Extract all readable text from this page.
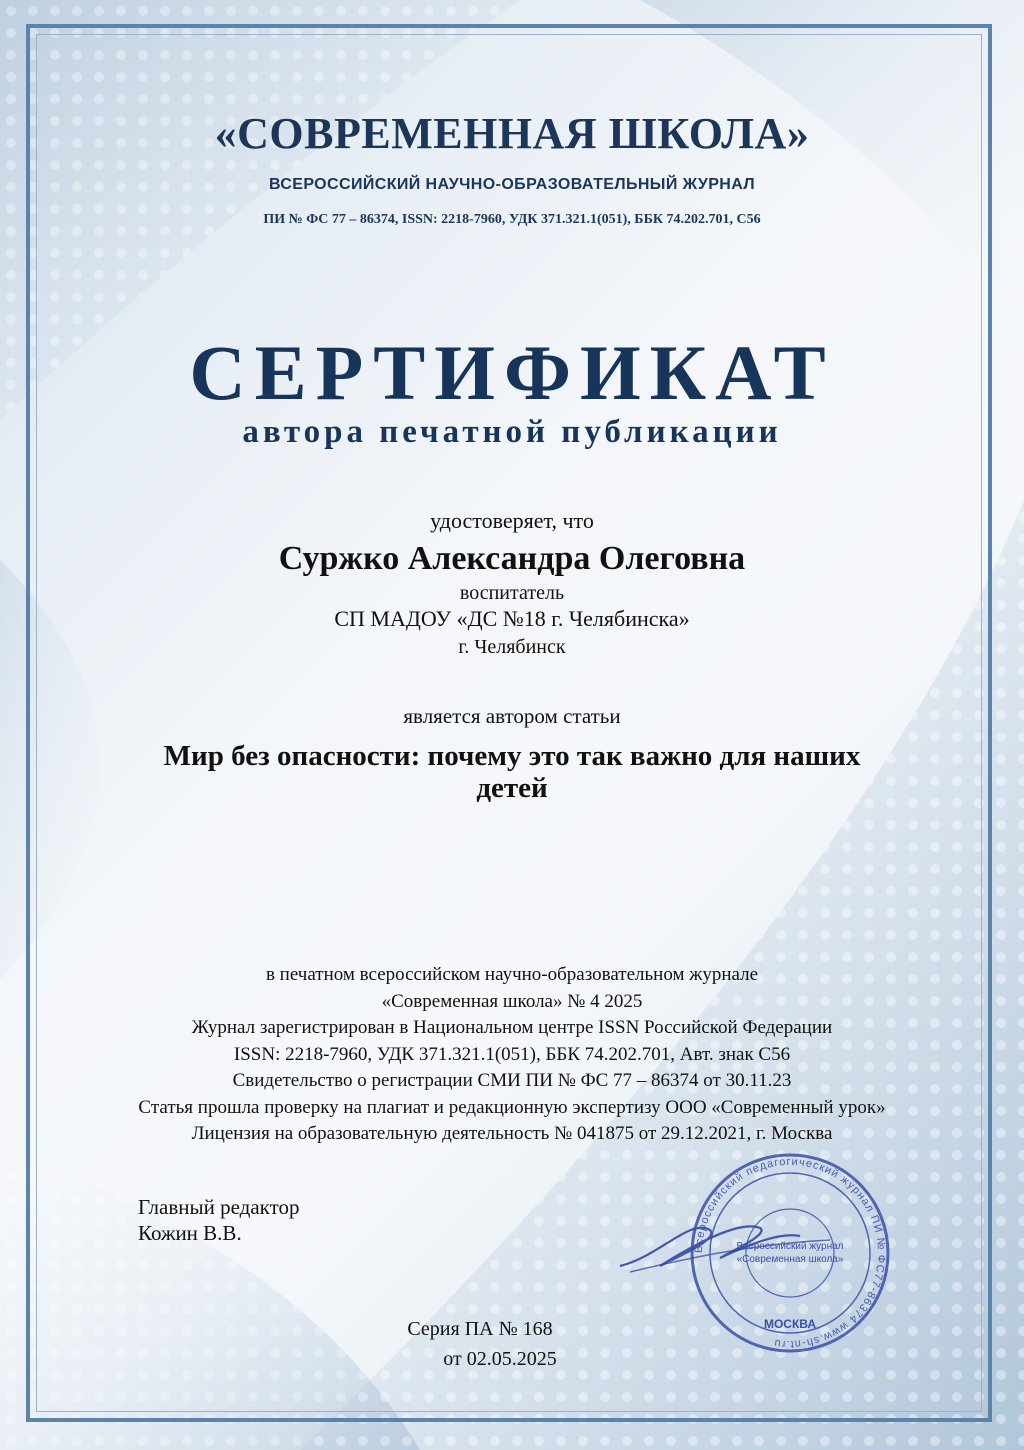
«СОВРЕМЕННАЯ ШКОЛА»
ВСЕРОССИЙСКИЙ НАУЧНО-ОБРАЗОВАТЕЛЬНЫЙ ЖУРНАЛ
ПИ № ФС 77 – 86374, ISSN: 2218-7960, УДК 371.321.1(051), ББК 74.202.701, C56
СЕРТИФИКАТ
автора печатной публикации
удостоверяет, что
Суржко Александра Олеговна
воспитатель
СП МАДОУ «ДС №18 г. Челябинска»
г. Челябинск
является автором статьи
Мир без опасности: почему это так важно для наших детей
в печатном всероссийском научно-образовательном журнале
«Современная школа» № 4 2025
Журнал зарегистрирован в Национальном центре ISSN Российской Федерации
ISSN: 2218-7960, УДК 371.321.1(051), ББК 74.202.701, Авт. знак C56
Свидетельство о регистрации СМИ ПИ № ФС 77 – 86374 от 30.11.23
Статья прошла проверку на плагиат и редакционную экспертизу ООО «Современный урок»
Лицензия на образовательную деятельность № 041875 от 29.12.2021, г. Москва
Главный редактор
Кожин В.В.
Серия ПА № 168
Всероссийский педагогический журнал ПИ № ФС77-86374 www.sh-nt.ru
Всероссийский журнал
«Современная школа»
МОСКВА
от 02.05.2025
